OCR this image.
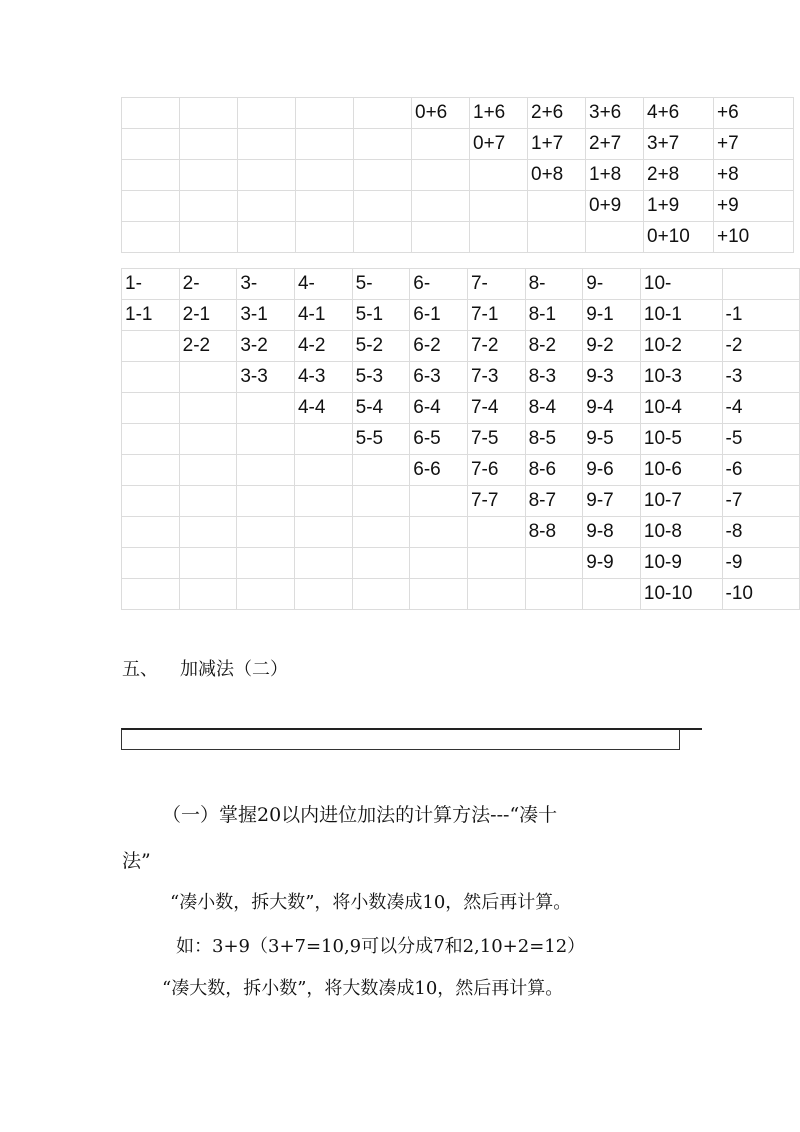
					0+6	1+6	2+6	3+6	4+6	+6
						0+7	1+7	2+7	3+7	+7
							0+8	1+8	2+8	+8
								0+9	1+9	+9
									0+10	+10
1-	2-	3-	4-	5-	6-	7-	8-	9-	10-	
1-1	2-1	3-1	4-1	5-1	6-1	7-1	8-1	9-1	10-1	-1
	2-2	3-2	4-2	5-2	6-2	7-2	8-2	9-2	10-2	-2
		3-3	4-3	5-3	6-3	7-3	8-3	9-3	10-3	-3
			4-4	5-4	6-4	7-4	8-4	9-4	10-4	-4
				5-5	6-5	7-5	8-5	9-5	10-5	-5
					6-6	7-6	8-6	9-6	10-6	-6
						7-7	8-7	9-7	10-7	-7
							8-8	9-8	10-8	-8
								9-9	10-9	-9
									10-10	-10
五、 加减法（二）
（一）掌握20以内进位加法的计算方法---“凑十
法”
“凑小数，拆大数”，将小数凑成10，然后再计算。
如：3+9（3+7=10,9可以分成7和2,10+2=12）
“凑大数，拆小数”，将大数凑成10，然后再计算。
